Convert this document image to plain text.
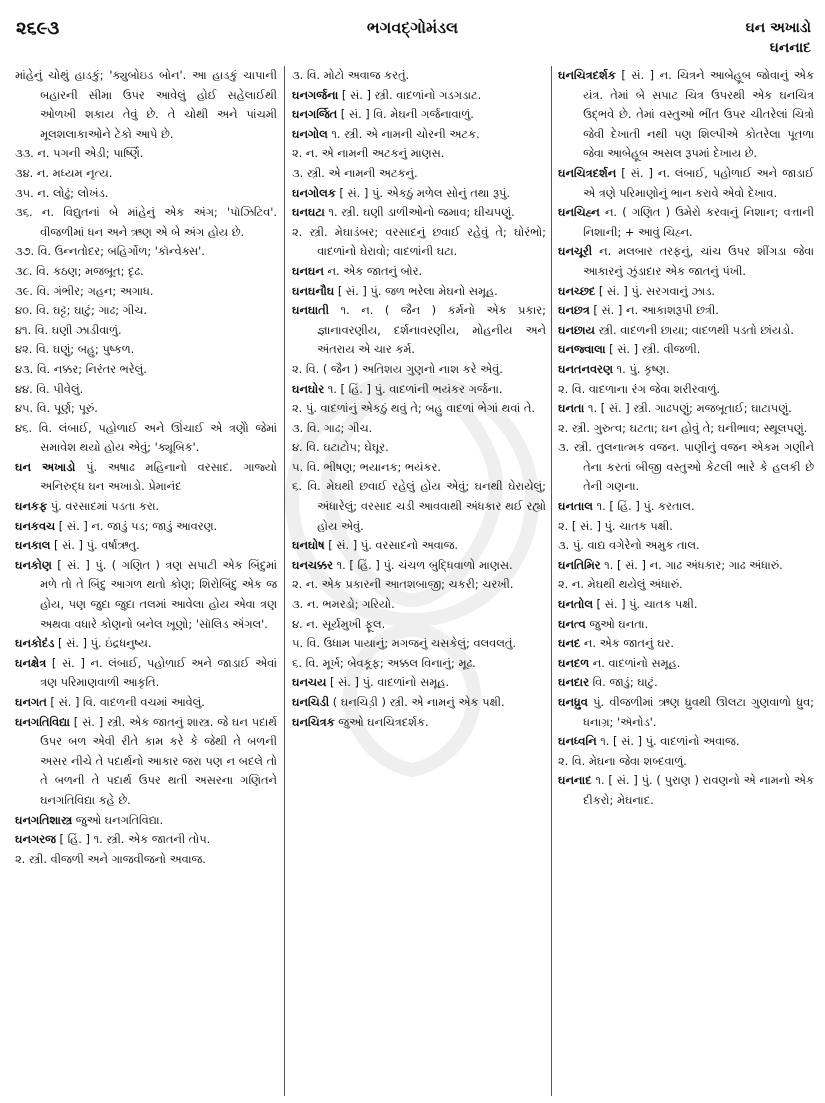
૨૬૯૩	ભગવદ્ગોમંડલ	ઘન અખાડો
ઘનનાદ
માંહેનું ચોથું હાડકું; 'ક્યુબોઇડ બોન'. આ હાડકું ચાપાની બહારની સીમા ઉપર આવેલું હોઈ સહેલાઈથી ઓળખી શકાય તેવું છે. તે ચોથી અને પાંચમી મૂલશલાકાઓને ટેકો આપે છે.
૩૩. ન. પગની એડી; પાર્ષ્ણિ.
૩૪. ન. મધ્યમ નૃત્ય.
૩૫. ન. લોઢું; લોખંડ.
૩૬. ન. વિદ્યુતનાં બે માંહેનું એક અંગ; 'પૉઝિટિવ'. વીજળીમાં ધન અને ઋણ એ બે અંગ હોય છે.
૩૭. વિ. ઉન્નતોદર; બહિર્ગોળ; 'કૉન્વેક્સ'.
૩૮. વિ. કઠણ; મજબૂત; દૃઢ.
૩૯. વિ. ગંભીર; ગહન; અગાધ.
૪૦. વિ. ઘટ્ટ; ઘાટું; ગાઢ; ગીચ.
૪૧. વિ. ઘણી ઝાડીવાળું.
૪૨. વિ. ઘણું; બહુ; પુષ્કળ.
૪૩. વિ. નક્કર; નિરંતર ભરેલું.
૪૪. વિ. પીવેલું.
૪૫. વિ. પૂર્ણ; પૂરું.
૪૬. વિ. લંબાઈ, પહોળાઈ અને ઊંચાઈ એ ત્રણેો જેમાં સમાવેશ થયો હોય એવું; 'ક્યૂબિક'.
ઘન અખાડો પું. અષાઢ મહિનાનો વરસાદ. ગાજ્યો અનિરુદ્ધ ઘન અખાડો. પ્રેમાનંદ
ઘનકફ પું. વરસાદમાં પડતા કરા.
ઘનકવચ [ સં. ] ન. જાડું પડ; જાડું આવરણ.
ઘનકાલ [ સં. ] પું. વર્ષાઋતુ.
ઘનકોણ [ સં. ] પું. ( ગણિત ) ત્રણ સપાટી એક બિંદુમાં મળે તો તે બિંદુ આગળ થતો કોણ; શિરોબિંદુ એક જ હોય, પણ જુદા જુદા તલમાં આવેલા હોય એવા ત્રણ અથવા વધારે કોણનો બનેલ ખૂણો; 'સૉલિડ ઍંગલ'.
ઘનકોદંડ [ સં. ] પું. ઇંદ્રધનુષ્ય.
ઘનક્ષેત્ર [ સં. ] ન. લંબાઈ, પહોળાઈ અને જાડાઈ એવાં ત્રણ પરિમાણવાળી આકૃતિ.
ઘનગત [ સં. ] વિ. વાદળની વચમાં આવેલું.
ઘનગતિવિદ્યા [ સં. ] સ્ત્રી. એક જાતનું શાસ્ત્ર. જે ઘન પદાર્થ ઉપર બળ એવી રીતે કામ કરે કે જેથી તે બળની અસર નીચે તે પદાર્થનો આકાર જરા પણ ન બદલે તો તે બળની તે પદાર્થ ઉપર થતી અસરના ગણિતને ઘનગતિવિદ્યા કહે છે.
ઘનગતિશાસ્ત્ર જુઓ ઘનગતિવિદ્યા.
ઘનગરજ [ હિં. ] ૧. સ્ત્રી. એક જાતની તોપ.
૨. સ્ત્રી. વીજળી અને ગાજવીજનો અવાજ.
૩. વિ. મોટો અવાજ કરતું.
ઘનગર્જના [ સં. ] સ્ત્રી. વાદળાંનો ગડગડાટ.
ઘનગર્જિત [ સં. ] વિ. મેઘની ગર્જનાવાળું.
ઘનગોલ ૧. સ્ત્રી. એ નામની ચોરની અટક.
૨. ન. એ નામની અટકનું માણસ.
૩. સ્ત્રી. એ નામની અટકનું.
ઘનગોલક [ સં. ] પું. એકઠું મળેલ સોનું તથા રૂપું.
ઘનઘટા ૧. સ્ત્રી. ઘણી ડાળીઓનો જમાવ; ઘીચપણું.
૨. સ્ત્રી. મેઘાડંબર; વરસાદનું છવાઈ રહેવું તે; ઘોરંભો; વાદળાંનો ઘેરાવો; વાદળાંની ઘટા.
ઘનઘન ન. એક જાતનું બોર.
ઘનઘનૌઘ [ સં. ] પું. જળ ભરેલા મેઘનો સમૂહ.
ઘનઘાતી ૧. ન. ( જૈન ) કર્મનો એક પ્રકાર; જ્ઞાનાવરણીય, દર્શનાવરણીય, મોહનીય અને અંતરાય એ ચાર કર્મ.
૨. વિ. ( જૈન ) અતિશય ગુણનો નાશ કરે એવું.
ઘનઘોર ૧. [ હિં. ] પું. વાદળાંની ભયંકર ગર્જના.
૨. પું. વાદળાંનું એકઠું થવું તે; બહુ વાદળાં ભેગાં થવાં તે.
૩. વિ. ગાઢ; ગીચ.
૪. વિ. ઘટાટોપ; ઘેઘૂર.
૫. વિ. ભીષણ; ભયાનક; ભયંકર.
૬. વિ. મેઘથી છવાઈ રહેલું હોય એવું; ઘનથી ઘેરાયેલું; અંધારેલું; વરસાદ ચડી આવવાથી અંધકાર થઈ રહ્યો હોય એવું.
ઘનઘોષ [ સં. ] પું. વરસાદનો અવાજ.
ઘનચક્કર ૧. [ હિં. ] પું. ચંચળ બુદ્ધિવાળો માણસ.
૨. ન. એક પ્રકારની આતશબાજી; ચકરી; ચરખી.
૩. ન. ભમરડો; ગરિયો.
૪. ન. સૂર્યમુખી ફૂલ.
૫. વિ. ઉધામ પાયાનું; મગજનું ચસકેલું; વલવલતું.
૬. વિ. મૂર્ખ; બેવકૂફ; અક્કલ વિનાનું; મૂઢ.
ઘનચય [ સં. ] પું. વાદળાંનો સમૂહ.
ઘનચિડી ( ઘનચિડ઼ી ) સ્ત્રી. એ નામનું એક પક્ષી.
ઘનચિત્રક જુઓ ઘનચિત્રદર્શક.
ઘનચિત્રદર્શક [ સં. ] ન. ચિત્રને આબેહૂબ જોવાનું એક યંત્ર. તેમાં બે સપાટ ચિત્ર ઉપરથી એક ઘનચિત્ર ઉદ્ભવે છે. તેમાં વસ્તુઓ ભીંત ઉપર ચીતરેલાં ચિત્રો જેવી દેખાતી નથી પણ શિલ્પીએ કોતરેલા પૂતળા જેવા આબેહૂબ અસલ રૂપમાં દેખાય છે.
ઘનચિત્રદર્શન [ સં. ] ન. લંબાઈ, પહોળાઈ અને જાડાઈ એ ત્રણે પરિમાણોનું ભાન કરાવે એવો દેખાવ.
ઘનચિહ્ન ન. ( ગણિત ) ઉમેરો કરવાનું નિશાન; વત્તાની નિશાની; + આવું ચિહ્ન.
ઘનચૂરી ન. મલબાર તરફનું, ચાંચ ઉપર શીંગડા જેવા આકારનું ઝુંડાદાર એક જાતનું પંખી.
ઘનચ્છદ [ સં. ] પું. સરગવાનું ઝાડ.
ઘનછત્ર [ સં. ] ન. આકાશરૂપી છત્રી.
ઘનછાય સ્ત્રી. વાદળની છાયા; વાદળથી પડતો છાંયડો.
ઘનજ્વાલા [ સં. ] સ્ત્રી. વીજળી.
ઘનતનવરણ ૧. પું. કૃષ્ણ.
૨. વિ. વાદળાના રંગ જેવા શરીરવાળું.
ઘનતા ૧. [ સં. ] સ્ત્રી. ગાઢપણું; મજબૂતાઈ; ઘાટાપણું.
૨. સ્ત્રી. ગુરુત્વ; ઘટતા; ઘન હોવું તે; ઘનીભાવ; સ્થૂલપણું.
૩. સ્ત્રી. તુલનાત્મક વજન. પાણીનું વજન એકમ ગણીને તેના કરતાં બીજી વસ્તુઓ કેટલી ભારે કે હલકી છે તેની ગણના.
ઘનતાલ ૧. [ હિં. ] પું. કરતાલ.
૨. [ સં. ] પું. ચાતક પક્ષી.
૩. પું. વાદ્ય વગેરેનો અમુક તાલ.
ઘનતિમિર ૧. [ સં. ] ન. ગાઢ અંધકાર; ગાઢ અંધારું.
૨. ન. મેઘથી થયેલું અંધારું.
ઘનતોલ [ સં. ] પું. ચાતક પક્ષી.
ઘનત્વ જુઓ ઘનતા.
ઘનદ ન. એક જાતનું ઘર.
ઘનદળ ન. વાદળાંનો સમૂહ.
ઘનદાર વિ. જાડું; ઘાટું.
ઘનધ્રુવ પું. વીજળીમાં ઋણ ધ્રુવથી ઊલટા ગુણવાળો ધ્રુવ; ધનાગ્ર; 'ઍનોડ'.
ઘનધ્વનિ ૧. [ સં. ] પું. વાદળાંનો અવાજ.
૨. વિ. મેઘના જેવા શબ્દવાળું.
ઘનનાદ ૧. [ સં. ] પું. ( પુરાણ ) રાવણનો એ નામનો એક દીકરો; મેઘનાદ.
